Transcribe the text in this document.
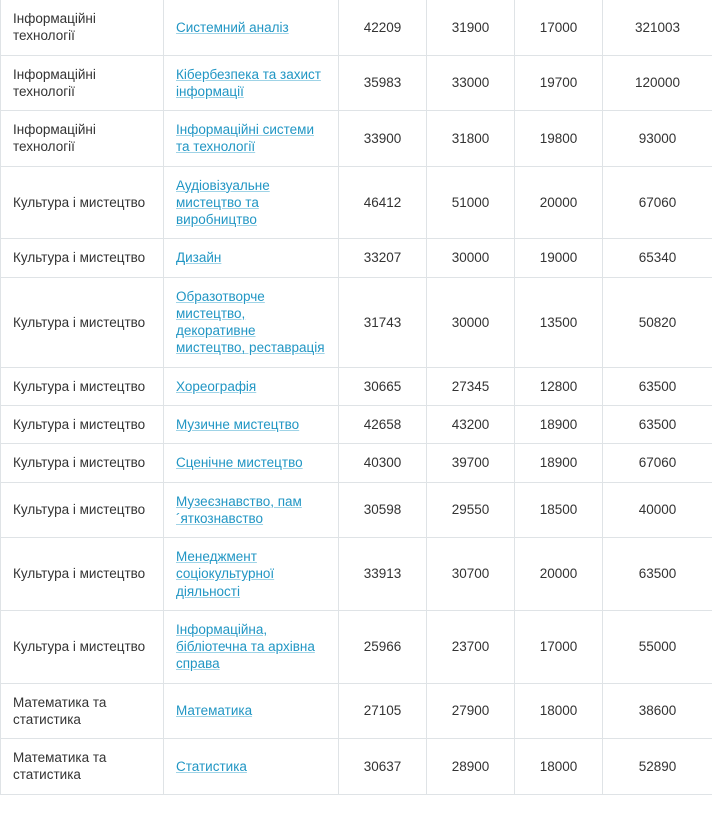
Інформаційні технології	Системний аналіз	42209	31900	17000	321003
Інформаційні технології	Кібербезпека та захист інформації	35983	33000	19700	120000
Інформаційні технології	Інформаційні системи та технології	33900	31800	19800	93000
Культура і мистецтво	Аудіовізуальне мистецтво та виробництво	46412	51000	20000	67060
Культура і мистецтво	Дизайн	33207	30000	19000	65340
Культура і мистецтво	Образотворче мистецтво, декоративне мистецтво, реставрація	31743	30000	13500	50820
Культура і мистецтво	Хореографія	30665	27345	12800	63500
Культура і мистецтво	Музичне мистецтво	42658	43200	18900	63500
Культура і мистецтво	Сценічне мистецтво	40300	39700	18900	67060
Культура і мистецтво	Музеєзнавство, пам´яткознавство	30598	29550	18500	40000
Культура і мистецтво	Менеджмент соціокультурної діяльності	33913	30700	20000	63500
Культура і мистецтво	Інформаційна, бібліотечна та архівна справа	25966	23700	17000	55000
Математика та статистика	Математика	27105	27900	18000	38600
Математика та статистика	Статистика	30637	28900	18000	52890
